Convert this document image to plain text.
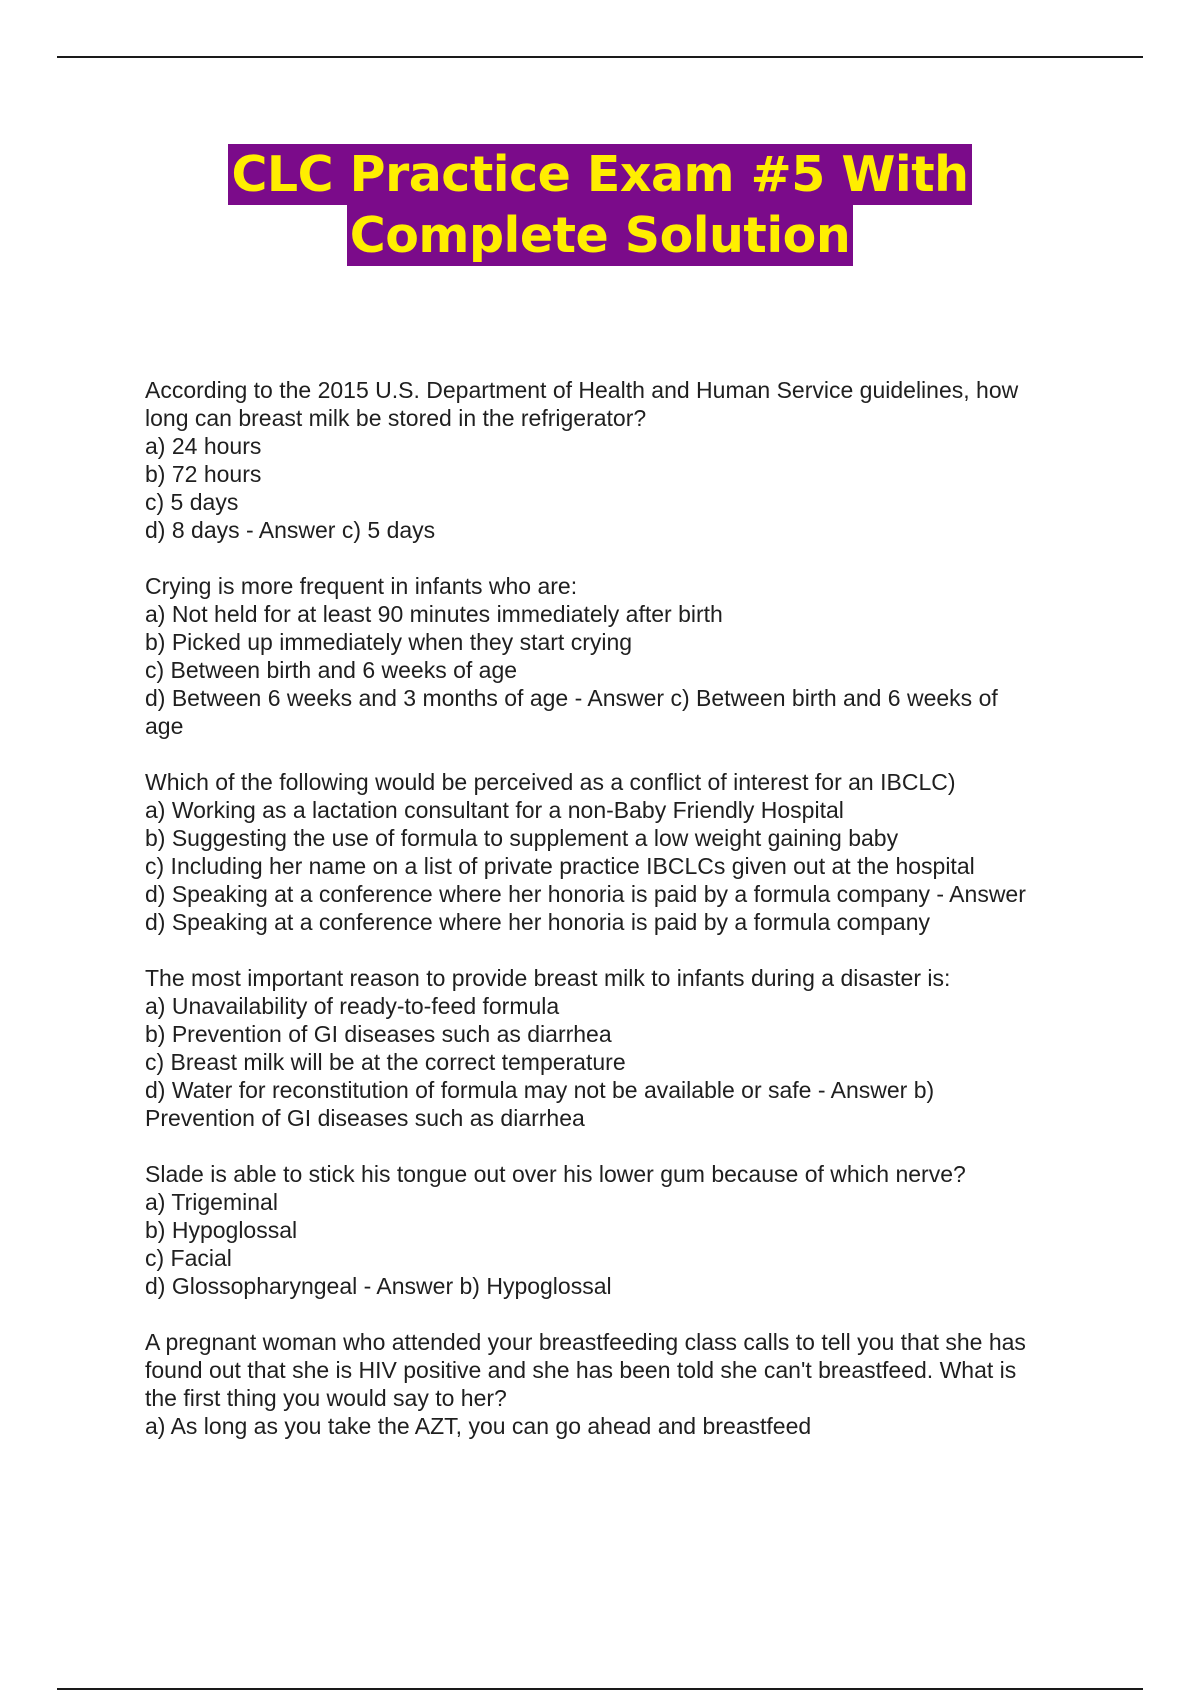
CLC Practice Exam #5 With
Complete Solution
According to the 2015 U.S. Department of Health and Human Service guidelines, how
long can breast milk be stored in the refrigerator?
a) 24 hours
b) 72 hours
c) 5 days
d) 8 days - Answer c) 5 days
Crying is more frequent in infants who are:
a) Not held for at least 90 minutes immediately after birth
b) Picked up immediately when they start crying
c) Between birth and 6 weeks of age
d) Between 6 weeks and 3 months of age - Answer c) Between birth and 6 weeks of
age
Which of the following would be perceived as a conflict of interest for an IBCLC)
a) Working as a lactation consultant for a non-Baby Friendly Hospital
b) Suggesting the use of formula to supplement a low weight gaining baby
c) Including her name on a list of private practice IBCLCs given out at the hospital
d) Speaking at a conference where her honoria is paid by a formula company - Answer
d) Speaking at a conference where her honoria is paid by a formula company
The most important reason to provide breast milk to infants during a disaster is:
a) Unavailability of ready-to-feed formula
b) Prevention of GI diseases such as diarrhea
c) Breast milk will be at the correct temperature
d) Water for reconstitution of formula may not be available or safe - Answer b)
Prevention of GI diseases such as diarrhea
Slade is able to stick his tongue out over his lower gum because of which nerve?
a) Trigeminal
b) Hypoglossal
c) Facial
d) Glossopharyngeal - Answer b) Hypoglossal
A pregnant woman who attended your breastfeeding class calls to tell you that she has
found out that she is HIV positive and she has been told she can't breastfeed. What is
the first thing you would say to her?
a) As long as you take the AZT, you can go ahead and breastfeed
